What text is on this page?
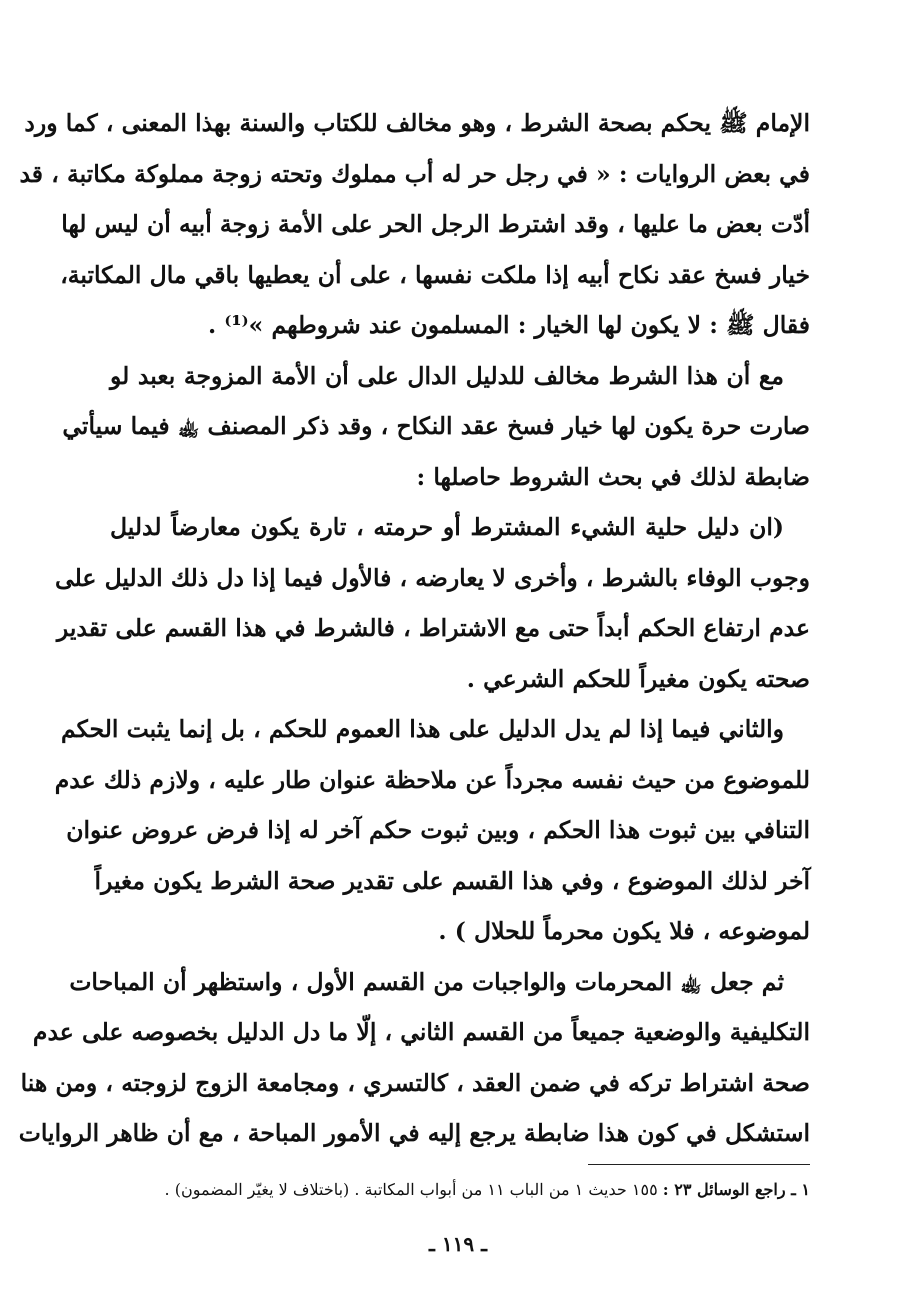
الإمام ﷺ يحكم بصحة الشرط ، وهو مخالف للكتاب والسنة بهذا المعنى ، كما ورد
في بعض الروايات : « في رجل حر له أب مملوك وتحته زوجة مملوكة مكاتبة ، قد
أدّت بعض ما عليها ، وقد اشترط الرجل الحر على الأمة زوجة أبيه أن ليس لها
خيار فسخ عقد نكاح أبيه إذا ملكت نفسها ، على أن يعطيها باقي مال المكاتبة،
فقال ﷺ : لا يكون لها الخيار : المسلمون عند شروطهم »⁽¹⁾ .
مع أن هذا الشرط مخالف للدليل الدال على أن الأمة المزوجة بعبد لو
صارت حرة يكون لها خيار فسخ عقد النكاح ، وقد ذكر المصنف ﵀ فيما سيأتي
ضابطة لذلك في بحث الشروط حاصلها :
(ان دليل حلية الشيء المشترط أو حرمته ، تارة يكون معارضاً لدليل
وجوب الوفاء بالشرط ، وأخرى لا يعارضه ، فالأول فيما إذا دل ذلك الدليل على
عدم ارتفاع الحكم أبداً حتى مع الاشتراط ، فالشرط في هذا القسم على تقدير
صحته يكون مغيراً للحكم الشرعي .
والثاني فيما إذا لم يدل الدليل على هذا العموم للحكم ، بل إنما يثبت الحكم
للموضوع من حيث نفسه مجرداً عن ملاحظة عنوان طار عليه ، ولازم ذلك عدم
التنافي بين ثبوت هذا الحكم ، وبين ثبوت حكم آخر له إذا فرض عروض عنوان
آخر لذلك الموضوع ، وفي هذا القسم على تقدير صحة الشرط يكون مغيراً
لموضوعه ، فلا يكون محرماً للحلال ) .
ثم جعل ﵀ المحرمات والواجبات من القسم الأول ، واستظهر أن المباحات
التكليفية والوضعية جميعاً من القسم الثاني ، إلّا ما دل الدليل بخصوصه على عدم
صحة اشتراط تركه في ضمن العقد ، كالتسري ، ومجامعة الزوج لزوجته ، ومن هنا
استشكل في كون هذا ضابطة يرجع إليه في الأمور المباحة ، مع أن ظاهر الروايات
١ ـ راجع الوسائل ٢٣ : ١٥٥ حديث ١ من الباب ١١ من أبواب المكاتبة . (باختلاف لا يغيّر المضمون) .
ـ ١١٩ ـ
